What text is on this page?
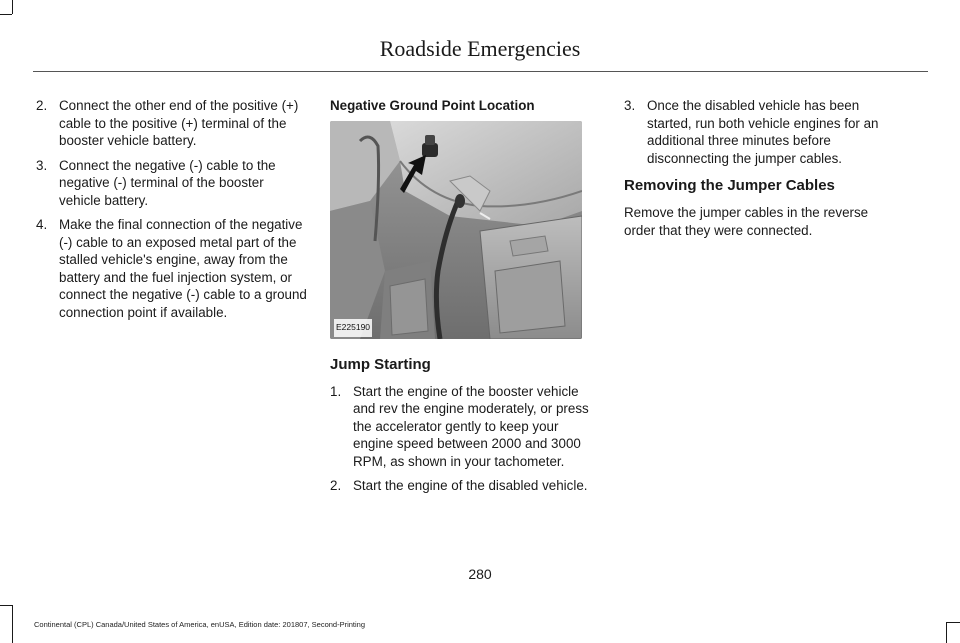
Roadside Emergencies
2. Connect the other end of the positive (+) cable to the positive (+) terminal of the booster vehicle battery.
3. Connect the negative (-) cable to the negative (-) terminal of the booster vehicle battery.
4. Make the final connection of the negative (-) cable to an exposed metal part of the stalled vehicle's engine, away from the battery and the fuel injection system, or connect the negative (-) cable to a ground connection point if available.

Negative Ground Point Location

E225190
Jump Starting
1. Start the engine of the booster vehicle and rev the engine moderately, or press the accelerator gently to keep your engine speed between 2000 and 3000 RPM, as shown in your tachometer.
2. Start the engine of the disabled vehicle.
3. Once the disabled vehicle has been started, run both vehicle engines for an additional three minutes before disconnecting the jumper cables.
Removing the Jumper Cables

Remove the jumper cables in the reverse order that they were connected.

280
Continental (CPL) Canada/United States of America, enUSA, Edition date: 201807, Second-Printing
